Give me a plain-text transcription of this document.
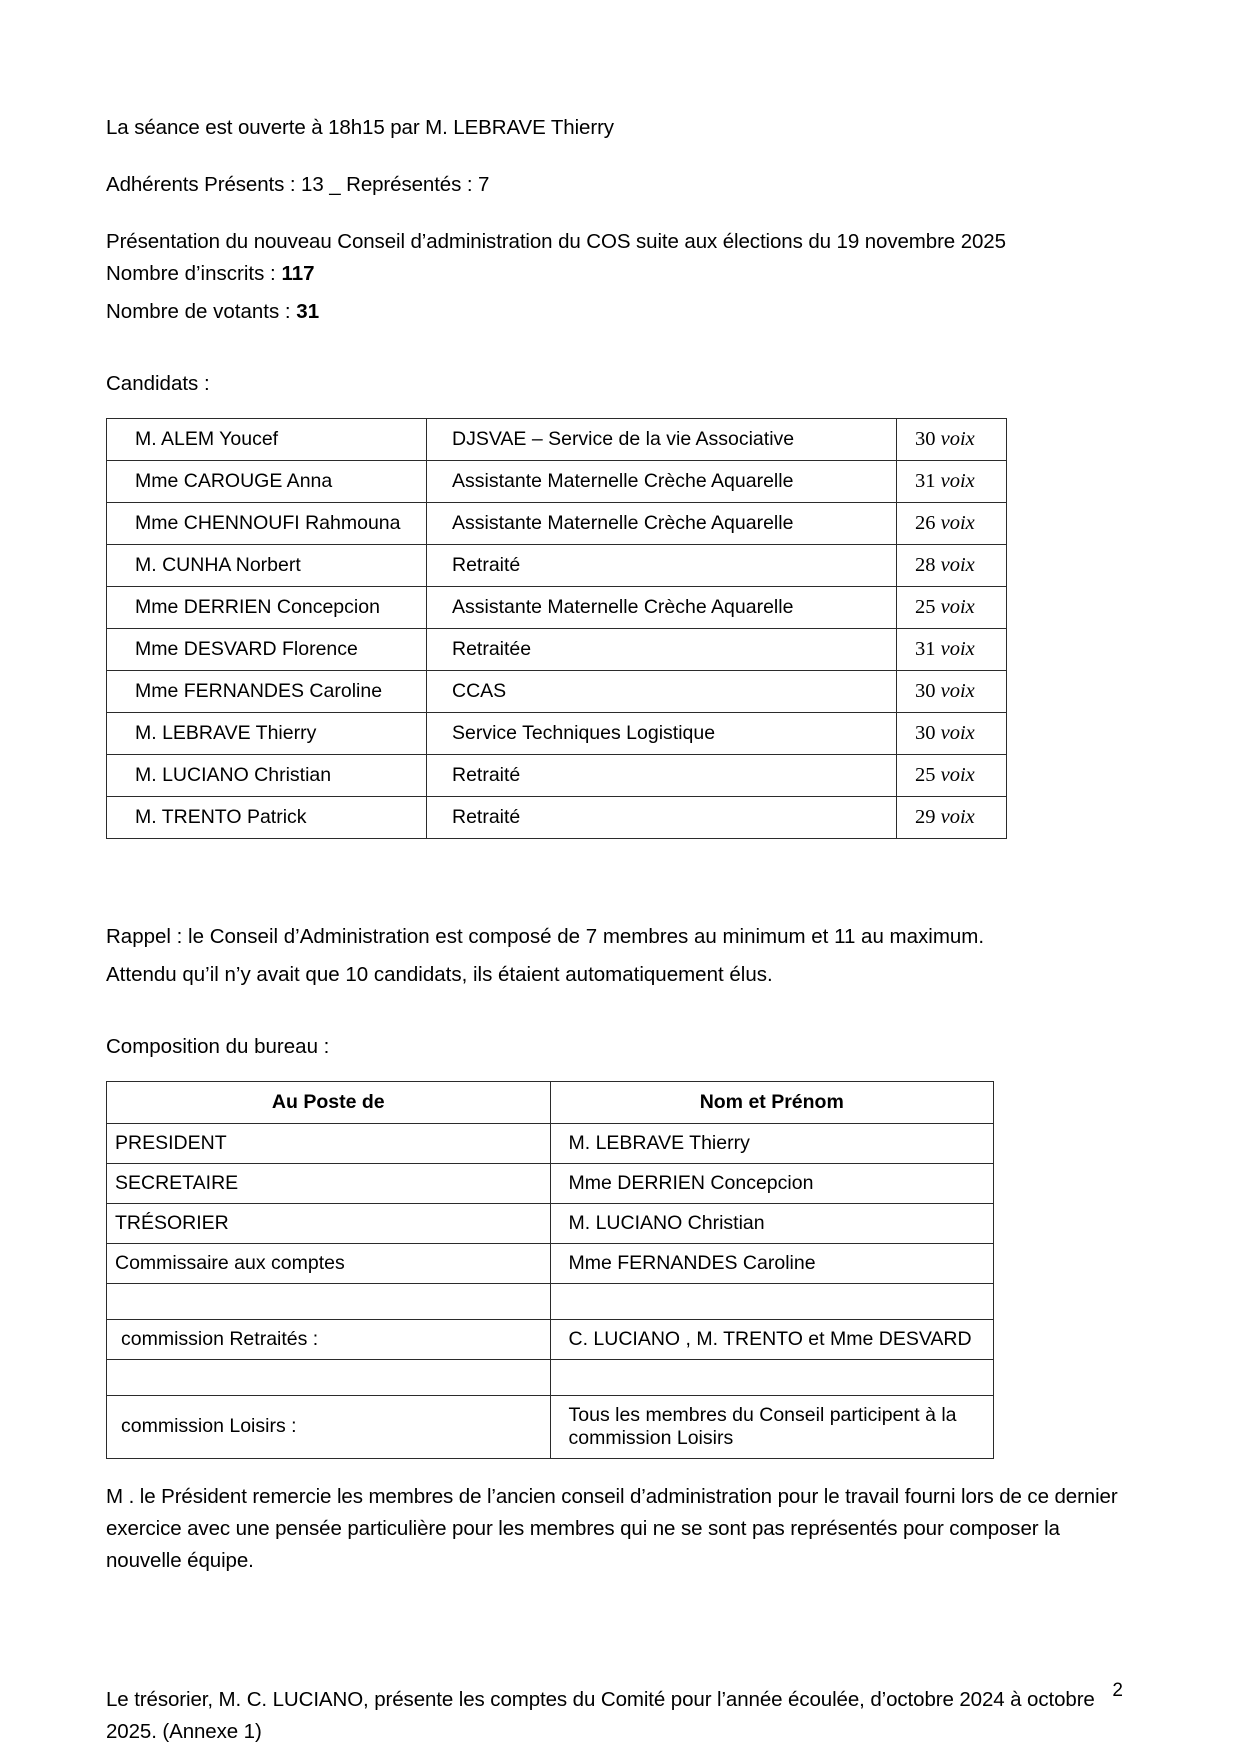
La séance est ouverte à 18h15 par M. LEBRAVE Thierry

Adhérents Présents : 13 _ Représentés : 7

Présentation du nouveau Conseil d’administration du COS suite aux élections du 19 novembre 2025

Nombre d’inscrits : 117

Nombre de votants : 31

Candidats :

M. ALEM Youcef	DJSVAE – Service de la vie Associative	30 voix
Mme CAROUGE Anna	Assistante Maternelle Crèche Aquarelle	31 voix
Mme CHENNOUFI Rahmouna	Assistante Maternelle Crèche Aquarelle	26 voix
M. CUNHA Norbert	Retraité	28 voix
Mme DERRIEN Concepcion	Assistante Maternelle Crèche Aquarelle	25 voix
Mme DESVARD Florence	Retraitée	31 voix
Mme FERNANDES Caroline	CCAS	30 voix
M. LEBRAVE Thierry	Service Techniques Logistique	30 voix
M. LUCIANO Christian	Retraité	25 voix
M. TRENTO Patrick	Retraité	29 voix

Rappel : le Conseil d’Administration est composé de 7 membres au minimum et 11 au maximum.

Attendu qu’il n’y avait que 10 candidats, ils étaient automatiquement élus.

Composition du bureau :

Au Poste de	Nom et Prénom
PRESIDENT	M. LEBRAVE Thierry
SECRETAIRE	Mme DERRIEN Concepcion
TRÉSORIER	M. LUCIANO Christian
Commissaire aux comptes	Mme FERNANDES Caroline

commission Retraités :	C. LUCIANO , M. TRENTO et Mme DESVARD

commission Loisirs :	Tous les membres du Conseil participent à la commission Loisirs

M . le Président remercie les membres de l’ancien conseil d’administration pour le travail fourni lors de ce dernier exercice avec une pensée particulière pour les membres qui ne se sont pas représentés pour composer la nouvelle équipe.

Le trésorier, M. C. LUCIANO, présente les comptes du Comité pour l’année écoulée, d’octobre 2024 à octobre 2025. (Annexe 1)

2
